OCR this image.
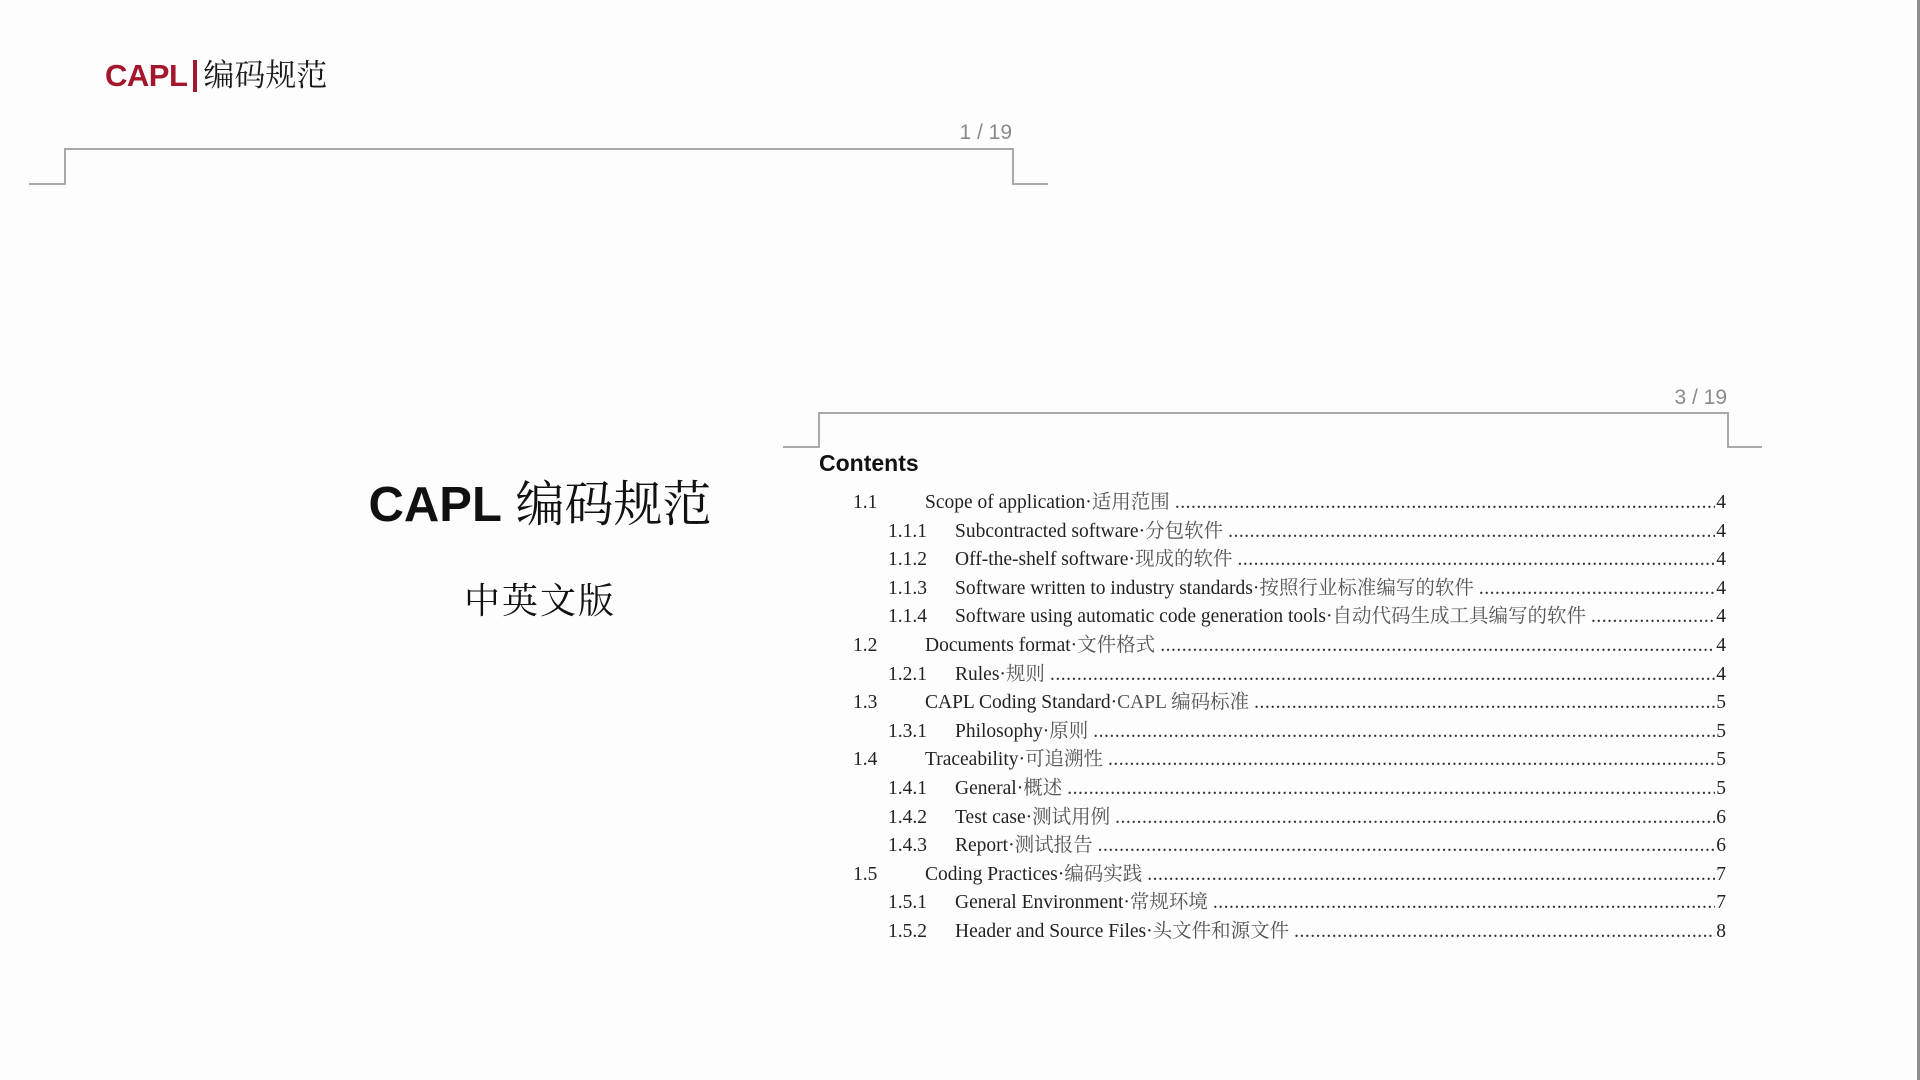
CAPL 编码规范
1 / 19
CAPL 编码规范
中英文版
3 / 19
Contents
1.1	Scope of application·适用范围 .....	4
1.1.1	Subcontracted software·分包软件 .....	4
1.1.2	Off-the-shelf software·现成的软件 .....	4
1.1.3	Software written to industry standards·按照行业标准编写的软件 .....	4
1.1.4	Software using automatic code generation tools·自动代码生成工具编写的软件 .....	4
1.2	Documents format·文件格式 .....	4
1.2.1	Rules·规则 .....	4
1.3	CAPL Coding Standard·CAPL 编码标准 .....	5
1.3.1	Philosophy·原则 .....	5
1.4	Traceability·可追溯性 .....	5
1.4.1	General·概述 .....	5
1.4.2	Test case·测试用例 .....	6
1.4.3	Report·测试报告 .....	6
1.5	Coding Practices·编码实践 .....	7
1.5.1	General Environment·常规环境 .....	7
1.5.2	Header and Source Files·头文件和源文件 .....	8
